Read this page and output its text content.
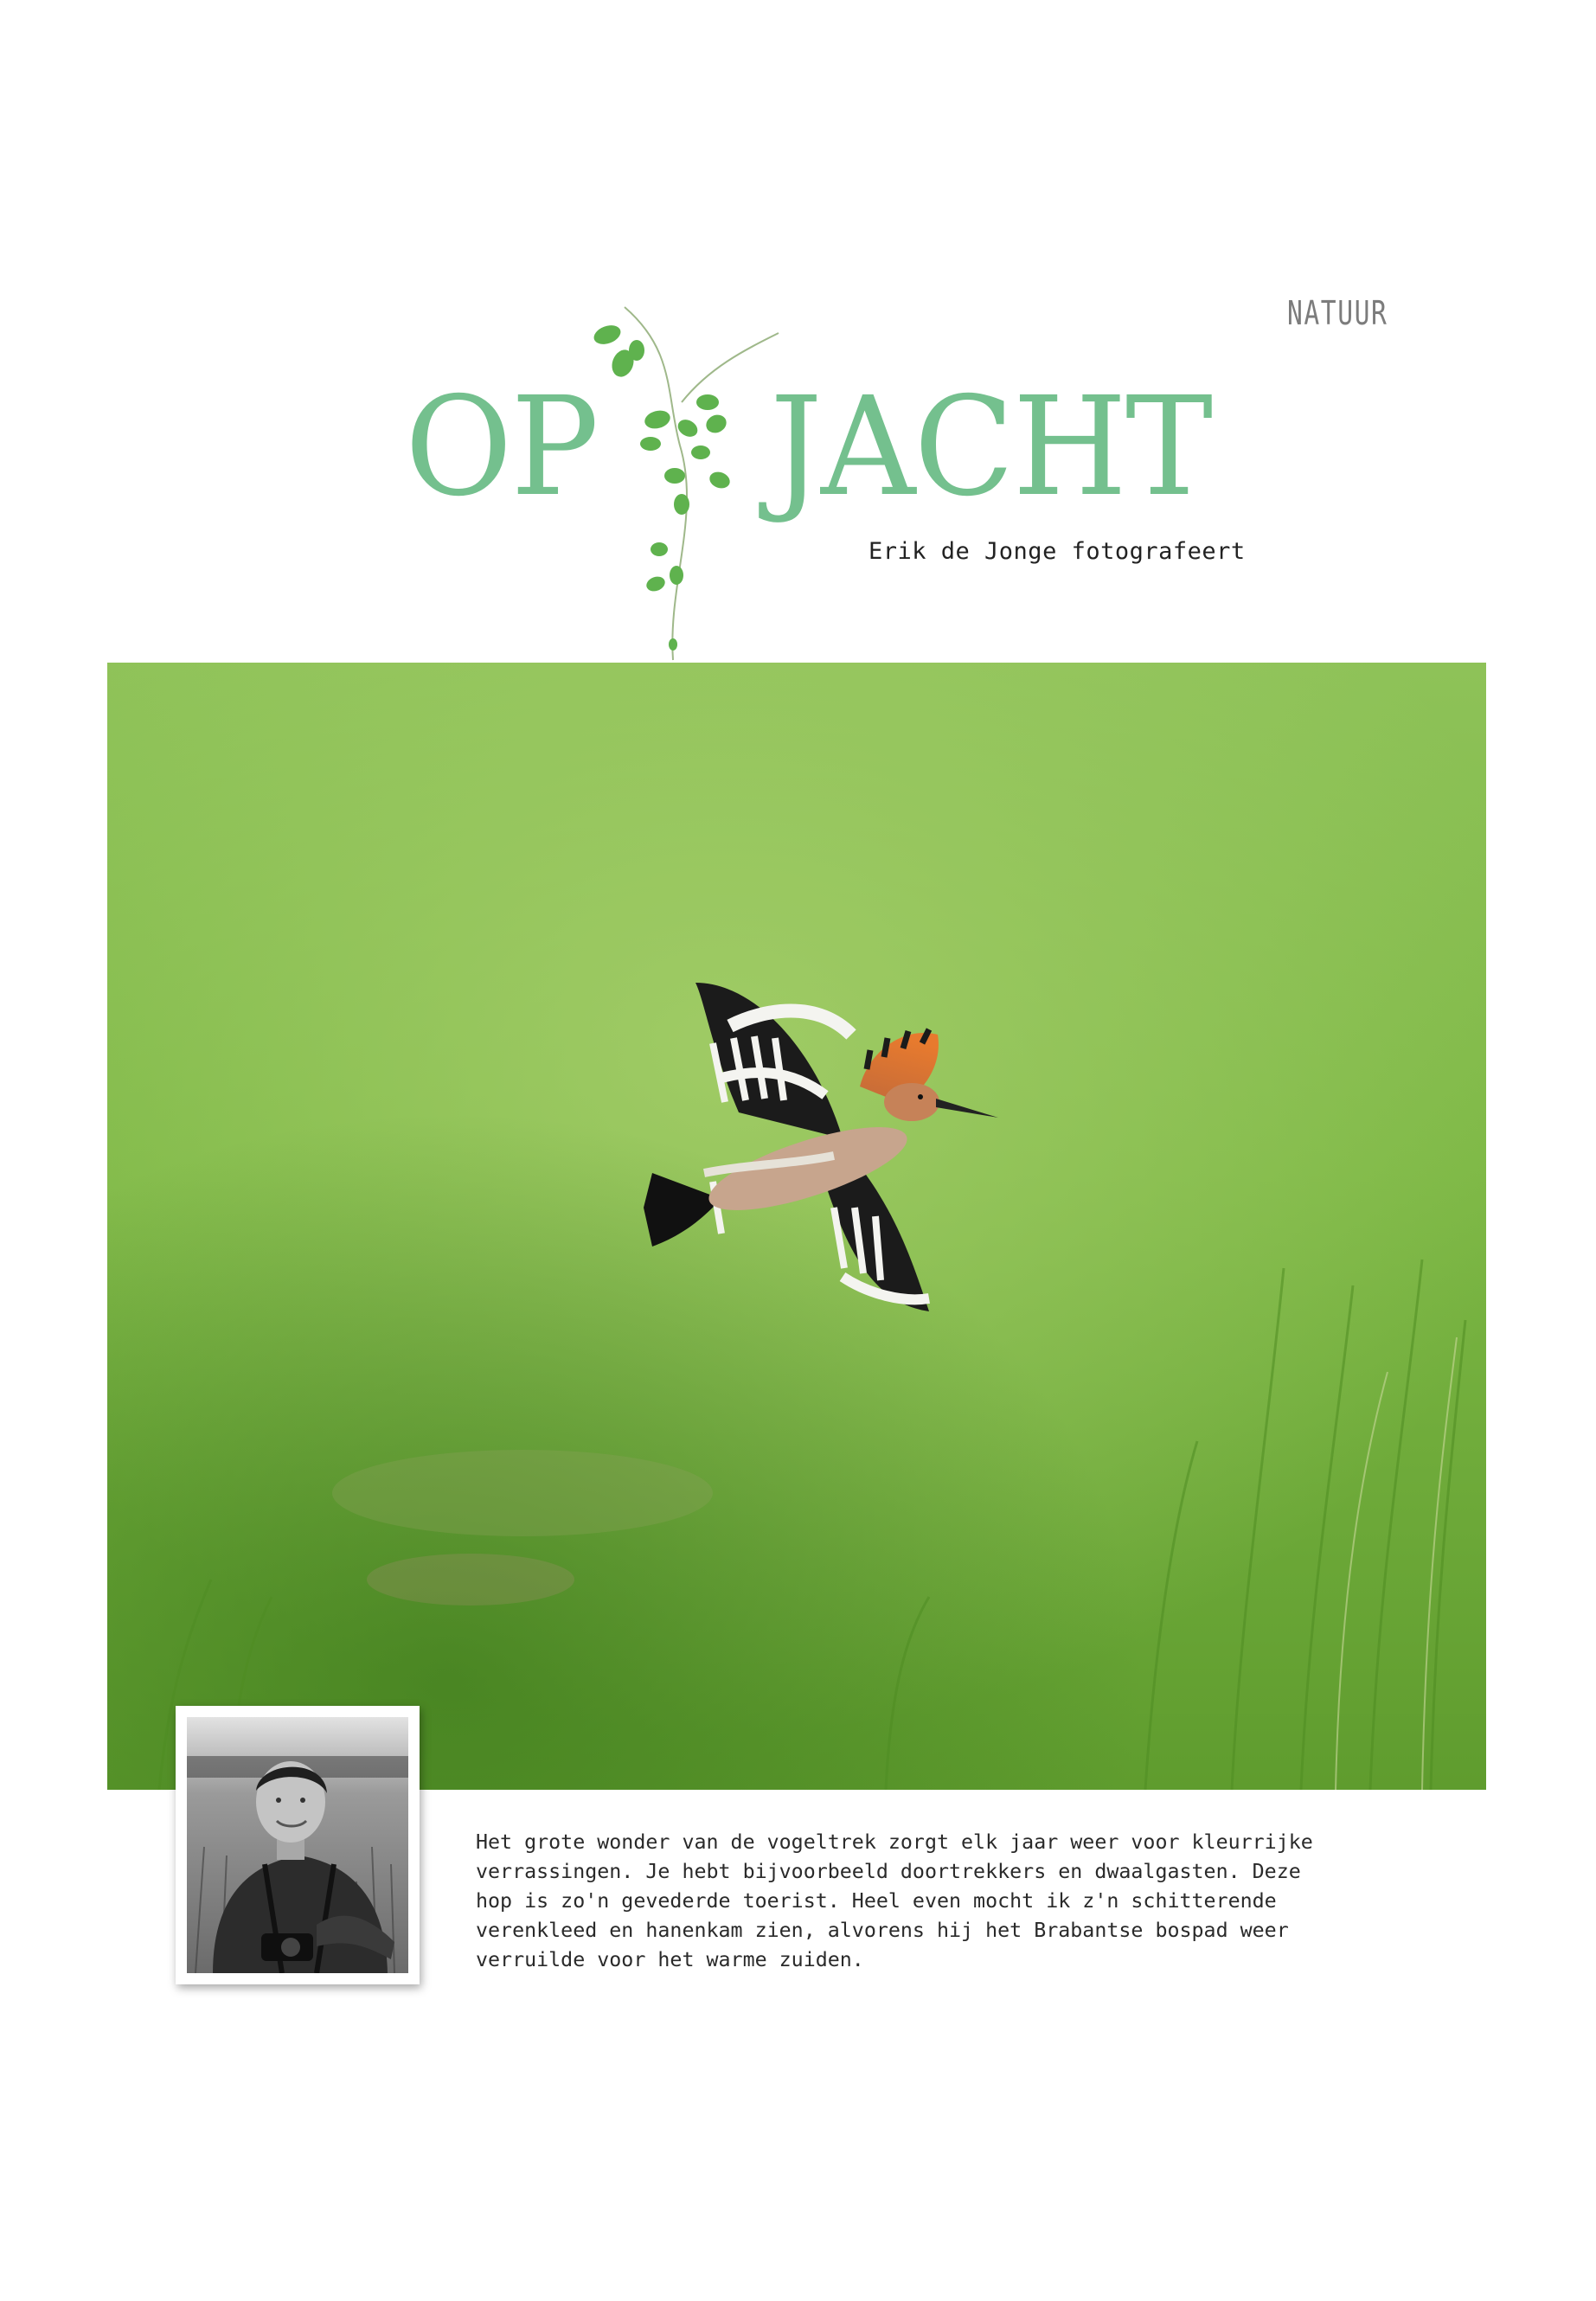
NATUUR
OP JACHT
Erik de Jonge fotografeert
Het grote wonder van de vogeltrek zorgt elk jaar weer voor kleurrijke
verrassingen. Je hebt bijvoorbeeld doortrekkers en dwaalgasten. Deze
hop is zo'n gevederde toerist. Heel even mocht ik z'n schitterende
verenkleed en hanenkam zien, alvorens hij het Brabantse bospad weer
verruilde voor het warme zuiden.
